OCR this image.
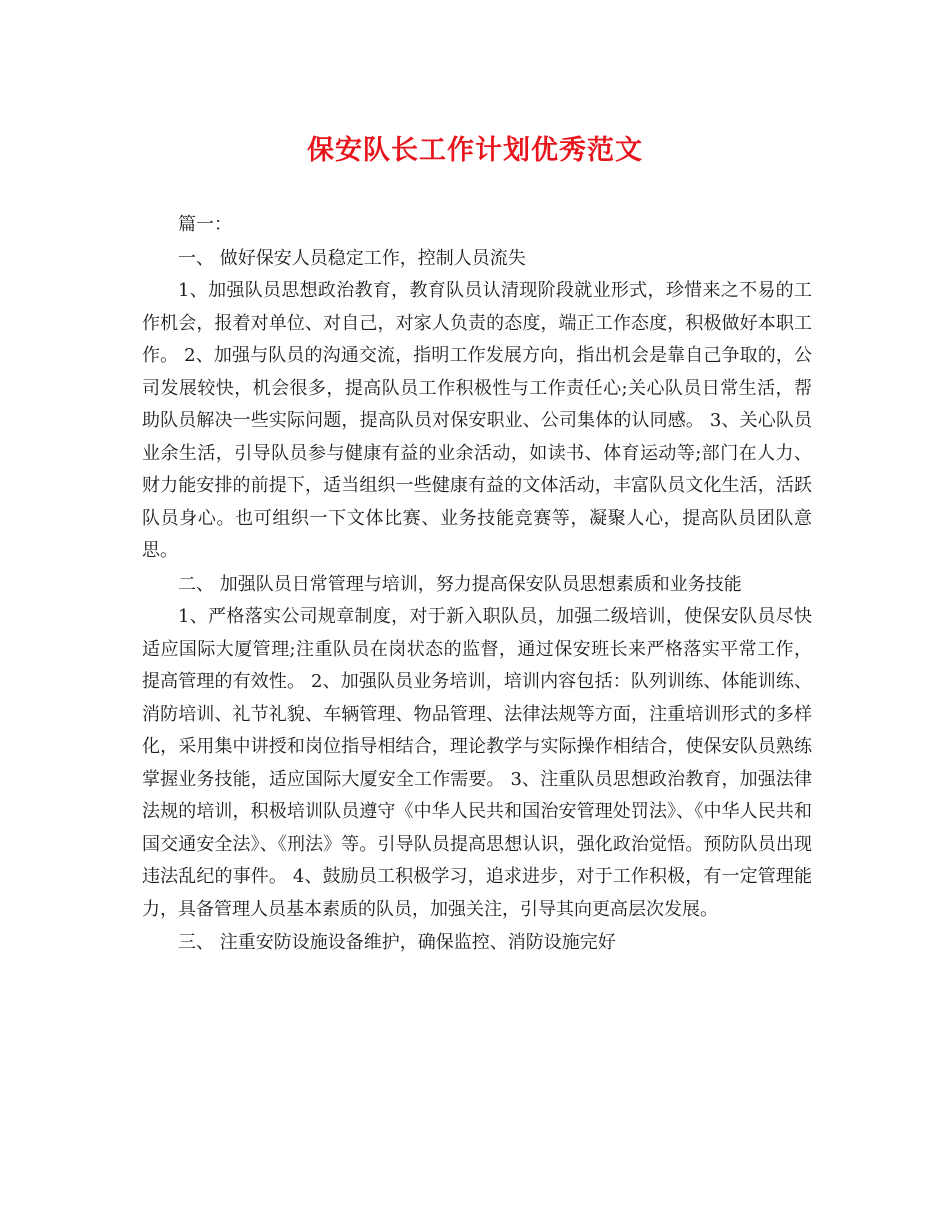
保安队长工作计划优秀范文

篇一：

一、 做好保安人员稳定工作，控制人员流失

1、加强队员思想政治教育，教育队员认清现阶段就业形式，珍惜来之不易的工作机会，报着对单位、对自己，对家人负责的态度，端正工作态度，积极做好本职工作。 2、加强与队员的沟通交流，指明工作发展方向，指出机会是靠自己争取的，公司发展较快，机会很多，提高队员工作积极性与工作责任心;关心队员日常生活，帮助队员解决一些实际问题，提高队员对保安职业、公司集体的认同感。 3、关心队员业余生活，引导队员参与健康有益的业余活动，如读书、体育运动等;部门在人力、财力能安排的前提下，适当组织一些健康有益的文体活动，丰富队员文化生活，活跃队员身心。也可组织一下文体比赛、业务技能竞赛等，凝聚人心，提高队员团队意思。

二、 加强队员日常管理与培训，努力提高保安队员思想素质和业务技能

1、严格落实公司规章制度，对于新入职队员，加强二级培训，使保安队员尽快适应国际大厦管理;注重队员在岗状态的监督，通过保安班长来严格落实平常工作，提高管理的有效性。 2、加强队员业务培训，培训内容包括：队列训练、体能训练、消防培训、礼节礼貌、车辆管理、物品管理、法律法规等方面，注重培训形式的多样化，采用集中讲授和岗位指导相结合，理论教学与实际操作相结合，使保安队员熟练掌握业务技能，适应国际大厦安全工作需要。 3、注重队员思想政治教育，加强法律法规的培训，积极培训队员遵守《中华人民共和国治安管理处罚法》、《中华人民共和国交通安全法》、《刑法》等。引导队员提高思想认识，强化政治觉悟。预防队员出现违法乱纪的事件。 4、鼓励员工积极学习，追求进步，对于工作积极，有一定管理能力，具备管理人员基本素质的队员，加强关注，引导其向更高层次发展。

三、 注重安防设施设备维护，确保监控、消防设施完好
